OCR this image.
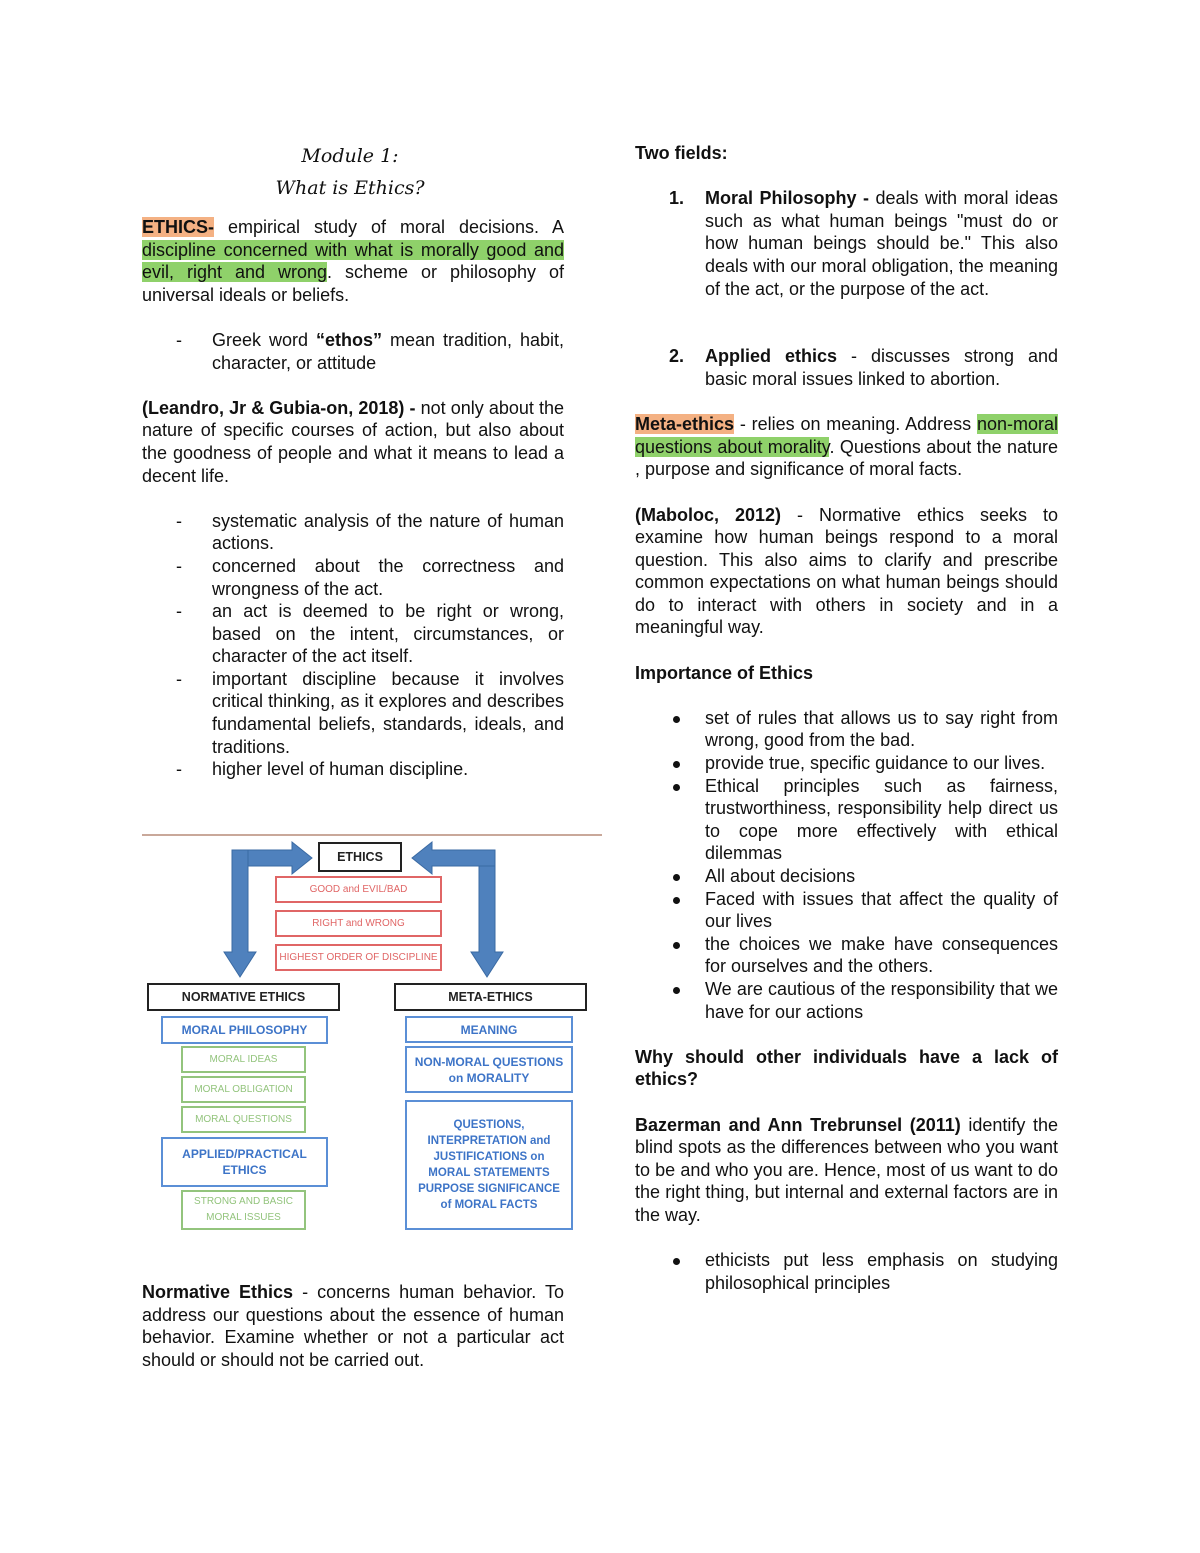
Module 1:
What is Ethics?

ETHICS- empirical study of moral decisions. A discipline concerned with what is morally good and evil, right and wrong. scheme or philosophy of universal ideals or beliefs.

- Greek word “ethos” mean tradition, habit, character, or attitude

(Leandro, Jr & Gubia-on, 2018) - not only about the nature of specific courses of action, but also about the goodness of people and what it means to lead a decent life.

- systematic analysis of the nature of human actions.
- concerned about the correctness and wrongness of the act.
- an act is deemed to be right or wrong, based on the intent, circumstances, or character of the act itself.
- important discipline because it involves critical thinking, as it explores and describes fundamental beliefs, standards, ideals, and traditions.
- higher level of human discipline.
ETHICS
GOOD and EVIL/BAD
RIGHT and WRONG
HIGHEST ORDER OF DISCIPLINE
NORMATIVE ETHICS	META-ETHICS
MORAL PHILOSOPHY
MORAL IDEAS
MORAL OBLIGATION
MORAL QUESTIONS
APPLIED/PRACTICAL ETHICS
STRONG AND BASIC MORAL ISSUES
MEANING
NON-MORAL QUESTIONS on MORALITY
QUESTIONS, INTERPRETATION and JUSTIFICATIONS on MORAL STATEMENTS PURPOSE SIGNIFICANCE of MORAL FACTS

Normative Ethics - concerns human behavior. To address our questions about the essence of human behavior. Examine whether or not a particular act should or should not be carried out.

Two fields:

1. Moral Philosophy - deals with moral ideas such as what human beings "must do or how human beings should be." This also deals with our moral obligation, the meaning of the act, or the purpose of the act.
2. Applied ethics - discusses strong and basic moral issues linked to abortion.

Meta-ethics - relies on meaning. Address non-moral questions about morality. Questions about the nature , purpose and significance of moral facts.

(Maboloc, 2012) - Normative ethics seeks to examine how human beings respond to a moral question. This also aims to clarify and prescribe common expectations on what human beings should do to interact with others in society and in a meaningful way.

Importance of Ethics

set of rules that allows us to say right from wrong, good from the bad.
provide true, specific guidance to our lives.
Ethical principles such as fairness, trustworthiness, responsibility help direct us to cope more effectively with ethical dilemmas
All about decisions
Faced with issues that affect the quality of our lives
the choices we make have consequences for ourselves and the others.
We are cautious of the responsibility that we have for our actions

Why should other individuals have a lack of ethics?

Bazerman and Ann Trebrunsel (2011) identify the blind spots as the differences between who you want to be and who you are. Hence, most of us want to do the right thing, but internal and external factors are in the way.

ethicists put less emphasis on studying philosophical principles
